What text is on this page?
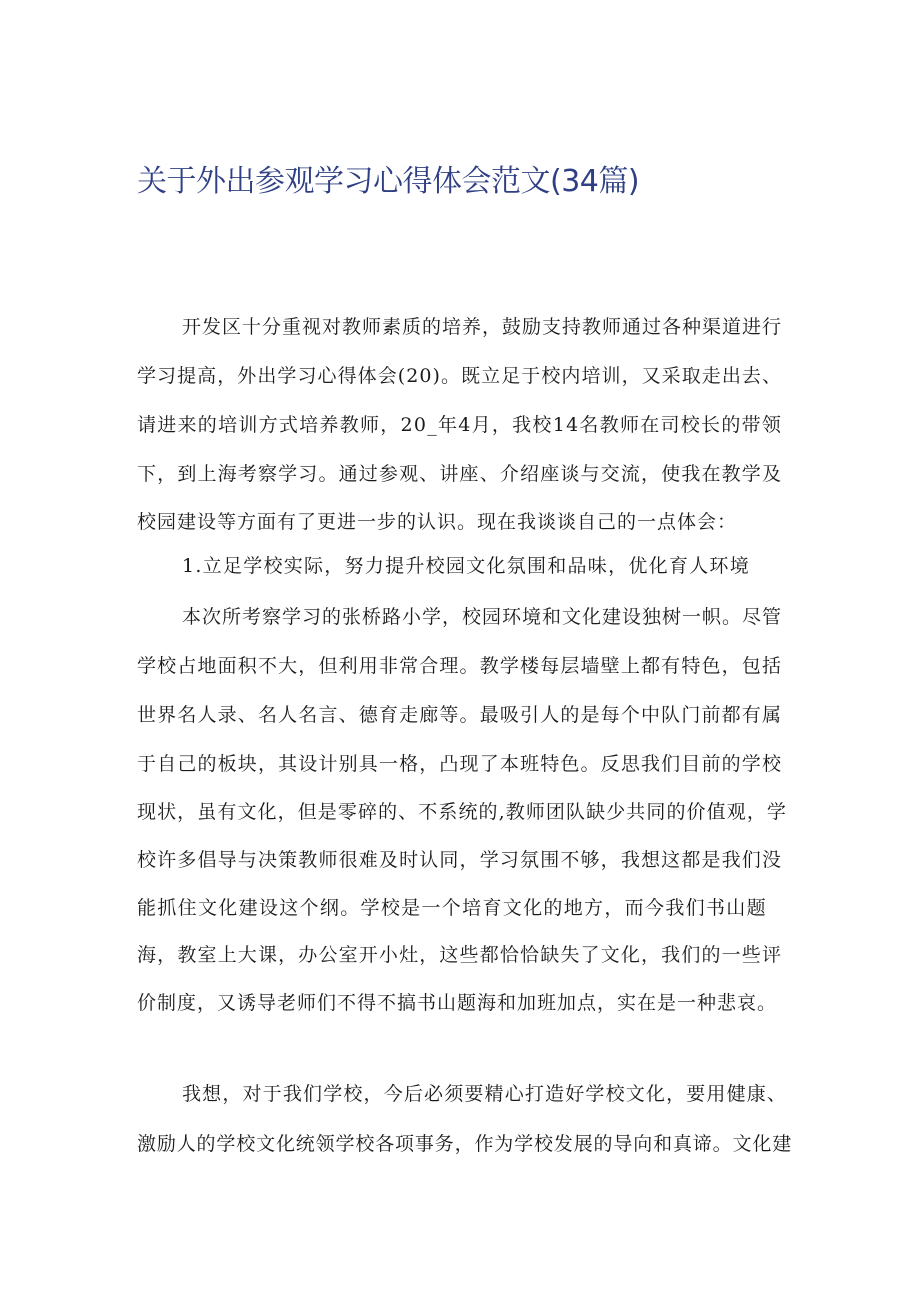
关于外出参观学习心得体会范文(34篇)

开发区十分重视对教师素质的培养，鼓励支持教师通过各种渠道进行

学习提高，外出学习心得体会(20)。既立足于校内培训，又采取走出去、

请进来的培训方式培养教师，20_年4月，我校14名教师在司校长的带领

下，到上海考察学习。通过参观、讲座、介绍座谈与交流，使我在教学及

校园建设等方面有了更进一步的认识。现在我谈谈自己的一点体会：

1.立足学校实际，努力提升校园文化氛围和品味，优化育人环境

本次所考察学习的张桥路小学，校园环境和文化建设独树一帜。尽管

学校占地面积不大，但利用非常合理。教学楼每层墙壁上都有特色，包括

世界名人录、名人名言、德育走廊等。最吸引人的是每个中队门前都有属

于自己的板块，其设计别具一格，凸现了本班特色。反思我们目前的学校

现状，虽有文化，但是零碎的、不系统的,教师团队缺少共同的价值观，学

校许多倡导与决策教师很难及时认同，学习氛围不够，我想这都是我们没

能抓住文化建设这个纲。学校是一个培育文化的地方，而今我们书山题

海，教室上大课，办公室开小灶，这些都恰恰缺失了文化，我们的一些评

价制度，又诱导老师们不得不搞书山题海和加班加点，实在是一种悲哀。

我想，对于我们学校，今后必须要精心打造好学校文化，要用健康、

激励人的学校文化统领学校各项事务，作为学校发展的导向和真谛。文化建
